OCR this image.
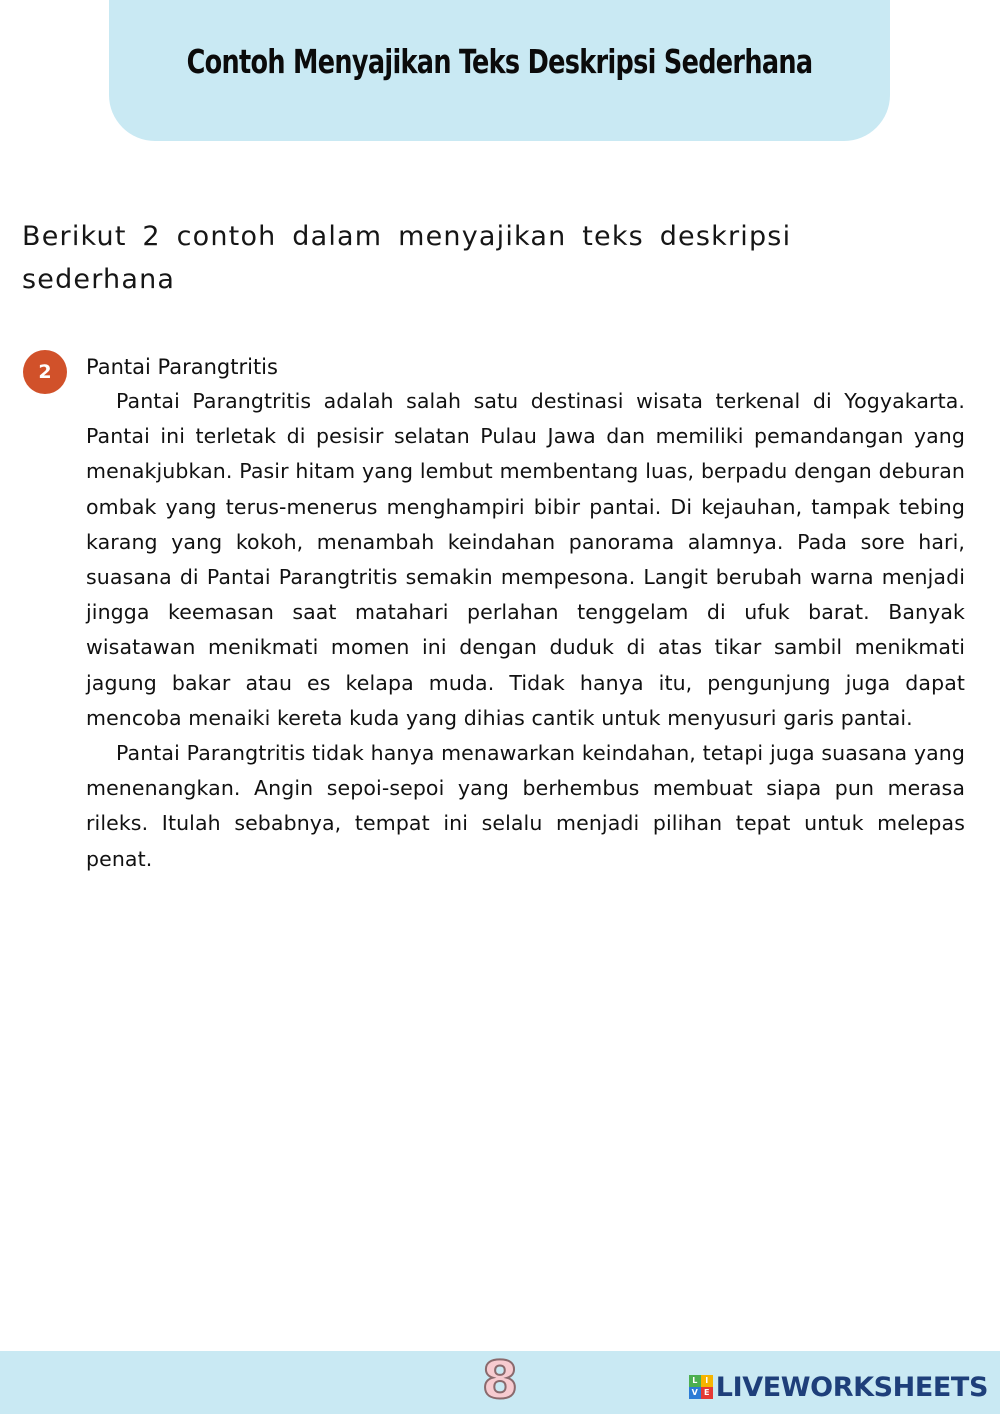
Contoh Menyajikan Teks Deskripsi Sederhana
Berikut 2 contoh dalam menyajikan teks deskripsi sederhana
2	Pantai Parangtritis

Pantai Parangtritis adalah salah satu destinasi wisata terkenal di Yogyakarta. Pantai ini terletak di pesisir selatan Pulau Jawa dan memiliki pemandangan yang menakjubkan. Pasir hitam yang lembut membentang luas, berpadu dengan deburan ombak yang terus-menerus menghampiri bibir pantai. Di kejauhan, tampak tebing karang yang kokoh, menambah keindahan panorama alamnya. Pada sore hari, suasana di Pantai Parangtritis semakin mempesona. Langit berubah warna menjadi jingga keemasan saat matahari perlahan tenggelam di ufuk barat. Banyak wisatawan menikmati momen ini dengan duduk di atas tikar sambil menikmati jagung bakar atau es kelapa muda. Tidak hanya itu, pengunjung juga dapat mencoba menaiki kereta kuda yang dihias cantik untuk menyusuri garis pantai.

Pantai Parangtritis tidak hanya menawarkan keindahan, tetapi juga suasana yang menenangkan. Angin sepoi-sepoi yang berhembus membuat siapa pun merasa rileks. Itulah sebabnya, tempat ini selalu menjadi pilihan tepat untuk melepas penat.

8	L I
V E LIVEWORKSHEETS
